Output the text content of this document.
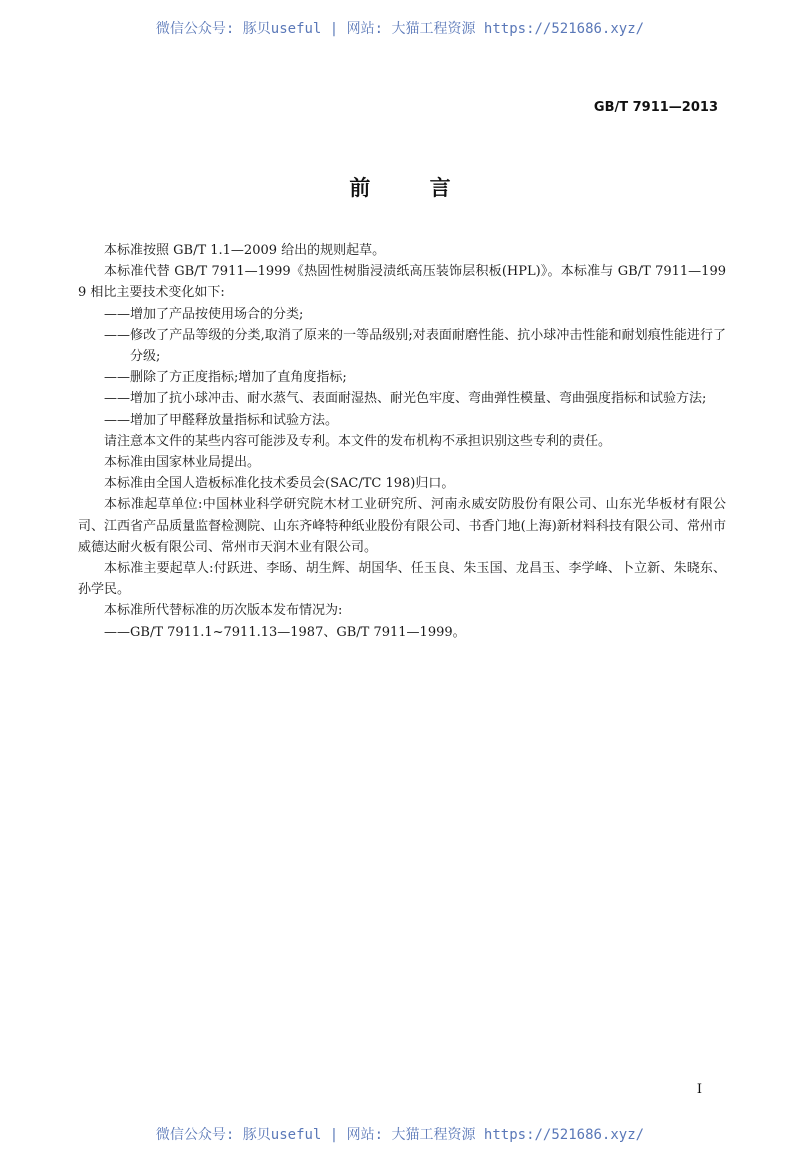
微信公众号: 豚贝useful | 网站: 大猫工程资源 https://521686.xyz/
GB/T 7911—2013
前 言

本标准按照 GB/T 1.1—2009 给出的规则起草。

本标准代替 GB/T 7911—1999《热固性树脂浸渍纸高压装饰层积板(HPL)》。本标准与 GB/T 7911—1999 相比主要技术变化如下:

——增加了产品按使用场合的分类;

——修改了产品等级的分类,取消了原来的一等品级别;对表面耐磨性能、抗小球冲击性能和耐划痕性能进行了分级;

——删除了方正度指标;增加了直角度指标;

——增加了抗小球冲击、耐水蒸气、表面耐湿热、耐光色牢度、弯曲弹性模量、弯曲强度指标和试验方法;

——增加了甲醛释放量指标和试验方法。

请注意本文件的某些内容可能涉及专利。本文件的发布机构不承担识别这些专利的责任。

本标准由国家林业局提出。

本标准由全国人造板标准化技术委员会(SAC/TC 198)归口。

本标准起草单位:中国林业科学研究院木材工业研究所、河南永威安防股份有限公司、山东光华板材有限公司、江西省产品质量监督检测院、山东齐峰特种纸业股份有限公司、书香门地(上海)新材料科技有限公司、常州市威德达耐火板有限公司、常州市天润木业有限公司。

本标准主要起草人:付跃进、李旸、胡生辉、胡国华、任玉良、朱玉国、龙昌玉、李学峰、卜立新、朱晓东、孙学民。

本标准所代替标准的历次版本发布情况为:

——GB/T 7911.1~7911.13—1987、GB/T 7911—1999。

I
微信公众号: 豚贝useful | 网站: 大猫工程资源 https://521686.xyz/
